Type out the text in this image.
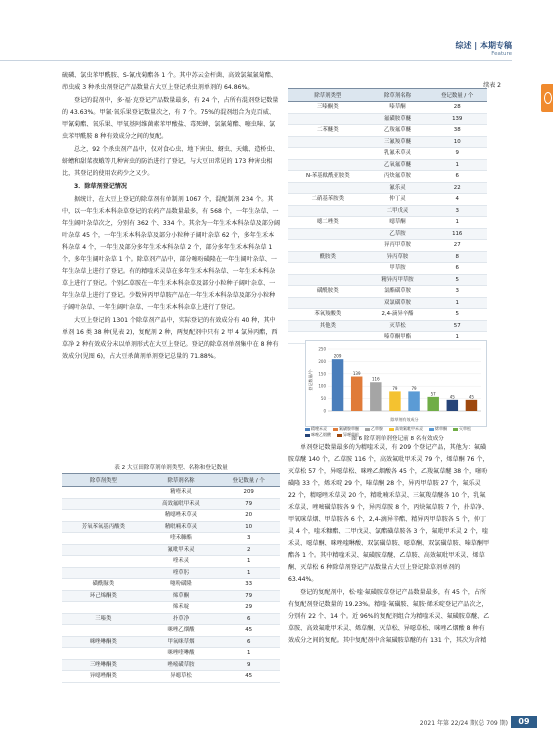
综述 | 本期专稿
Feature

硫磷、氯虫苯甲酰胺、S-氰戊菊酯各 1 个。其中苏云金杆菌、高效氯氟氰菊酯、茚虫威 3 种杀虫剂登记产品数量占大豆上登记杀虫剂单剂的 64.86%。

登记的混剂中，多·福·克登记产品数量最多，有 24 个，占所有混剂登记数量的 43.63%。甲氰·氧乐果登记数量次之，有 7 个。75%的混剂组合为克百威、甲氰菊酯、氧乐果、甲氧基阿维菌素苯甲酸盐、毒死蜱、氯氰菊酯、噻虫嗪、氯虫苯甲酰胺 8 种有效成分之间的复配。

总之，92 个杀虫剂产品中，仅对食心虫、地下害虫、蚜虫、天蛾、造桥虫、蛴螬和甜菜夜蛾等几种害虫的防治进行了登记，与大豆田常见的 173 种害虫相比，其登记的使用农药少之又少。

3．除草剂登记情况

据统计，在大豆上登记的除草剂有单制剂 1067 个，混配制剂 234 个。其中，以一年生禾本科杂草登记的农药产品数量最多，有 568 个，一年生杂草、一年生阔叶杂草次之，分别有 362 个、334 个。其余为一年生禾本科杂草及部分阔叶杂草 45 个，一年生禾本科杂草及部分小粒种子阔叶杂草 62 个，多年生禾本科杂草 4 个，一年生及部分多年生禾本科杂草 2 个，部分多年生禾本科杂草 1 个，多年生阔叶杂草 1 个。除草剂产品中，部分噻吩磺隆在一年生阔叶杂草、一年生杂草上进行了登记。有的精喹禾灵草在多年生禾本科杂草、一年生禾本科杂草上进行了登记。个别乙草胺在一年生禾本科杂草及部分小粒种子阔叶杂草、一年生杂草上进行了登记。少数异丙甲草胺产品在一年生禾本科杂草及部分小粒种子阔叶杂草、一年生阔叶杂草、一年生禾本科杂草上进行了登记。

大豆上登记的 1301 个除草剂产品中，实际登记的有效成分有 40 种，其中单剂 16 类 38 种(见表 2)，复配剂 2 种，两复配剂中只有 2 甲 4 氯异丙酯，西草净 2 种有效成分未以单剂形式在大豆上登记。登记的除草剂单剂集中在 8 种有效成分(见图 6)，占大豆杀菌剂单剂登记总量的 71.88%。

表 2 大豆田除草剂单剂类型、名称和登记数量
除草剂类型	除草剂名称	登记数量 / 个
	精喹禾灵	209
	高效氟吡甲禾灵	79
	精噁唑禾草灵	20
芳氧苯氧基丙酸类	精吡喃禾草灵	10
	喹禾糠酯	3
	氟吡甲禾灵	2
	喹禾灵	1
	喹草肟	1
磺酰脲类	噻吩磺隆	33
环己烯酮类	烯草酮	79
	烯禾啶	29
三嗪类	扑草净	6
	咪唑乙烟酸	45
咪唑啉酮类	甲氧咪草烟	6
	咪唑喹啉酸	1
三唑啉酮类	唑嘧磺草胺	9
异噁唑酮类	异噁草松	45
续表 2
除草剂类型	除草剂名称	登记数量 / 个
三嗪酮类	嗪草酮	28
	氟磺胺草醚	139
二苯醚类	乙羧氟草醚	38
	三氟羧草醚	10
	乳氟禾草灵	9
	乙氧氟草醚	1
N-苯基酞酰亚胺类	丙炔氟草胺	6
	氟乐灵	22
二硝基苯胺类	仲丁灵	4
	二甲戊灵	3
噁二唑类	噁草酮	1
	乙草胺	116
	异丙甲草胺	27
酰胺类	异丙草胺	8
	甲草胺	6
	精异丙甲草胺	5
磺酰胺类	氯酯磺草胺	3
	双氯磺草胺	1
苯氧羧酸类	2,4-滴异辛酯	5
其他类	灭草松	57
	嗪草酮甲酯	1
0
50
100
150
200
250
登记数量/个
除草剂有效成分
209
139
116
79	79
57
45	45
精喹禾灵	氟磺胺草醚	乙草胺	高效氟吡甲禾灵	烯草酮	灭草松咪唑乙烟酸	异噁草松
图 6 除草剂单剂登记前 8 名有效成分

单剂登记数量最多的为精喹禾灵，有 209 个登记产品，其他为：氟磺胺草醚 140 个，乙草胺 116 个，高效氟吡甲禾灵 79 个，烯草酮 76 个，灭草松 57 个，异噁草松、咪唑乙烟酸各 45 个，乙羧氟草醚 38 个，噻吩磺隆 33 个，烯禾啶 29 个，嗪草酮 28 个，异丙甲草胺 27 个，氟乐灵 22 个，精噁唑禾草灵 20 个，精吡喃禾草灵、三氟羧草醚各 10 个，乳氟禾草灵、唑嘧磺草胺各 9 个，异丙草胺 8 个，丙炔氟草胺 7 个，扑草净、甲氧咪草烟、甲草胺各 6 个，2,4-滴异辛酯、精异丙甲草胺各 5 个，仲丁灵 4 个，喹禾糠酯、二甲戊灵、氯酯磺草胺各 3 个，氟吡甲禾灵 2 个，喹禾灵、噁草酮、咪唑喹啉酸、双氯磺草胺、噁草酮、双氯磺草胺、嗪草酮甲酯各 1 个。其中精喹禾灵、氟磺胺草醚、乙草胺、高效氟吡甲禾灵、烯草酮、灭草松 6 种除草剂登记产品数量占大豆上登记除草剂单剂的 63.44%。

登记的复配剂中，松·喹·氟磺胺草登记产品数量最多，有 45 个，占所有复配剂登记数量的 19.23%。精喹·氟磺胺、氟胺·烯禾啶登记产品次之，分别有 22 个、14 个。近 96%的复配剂组合为精喹禾灵、氟磺胺草醚、乙草胺、高效氟吡甲禾灵、烯草酮、灭草松、异噁草松、咪唑乙烟酸 8 种有效成分之间的复配。其中复配剂中含氟磺胺草醚的有 131 个，其次为含精

2021 年第 22/24 期(总 709 期)	09
